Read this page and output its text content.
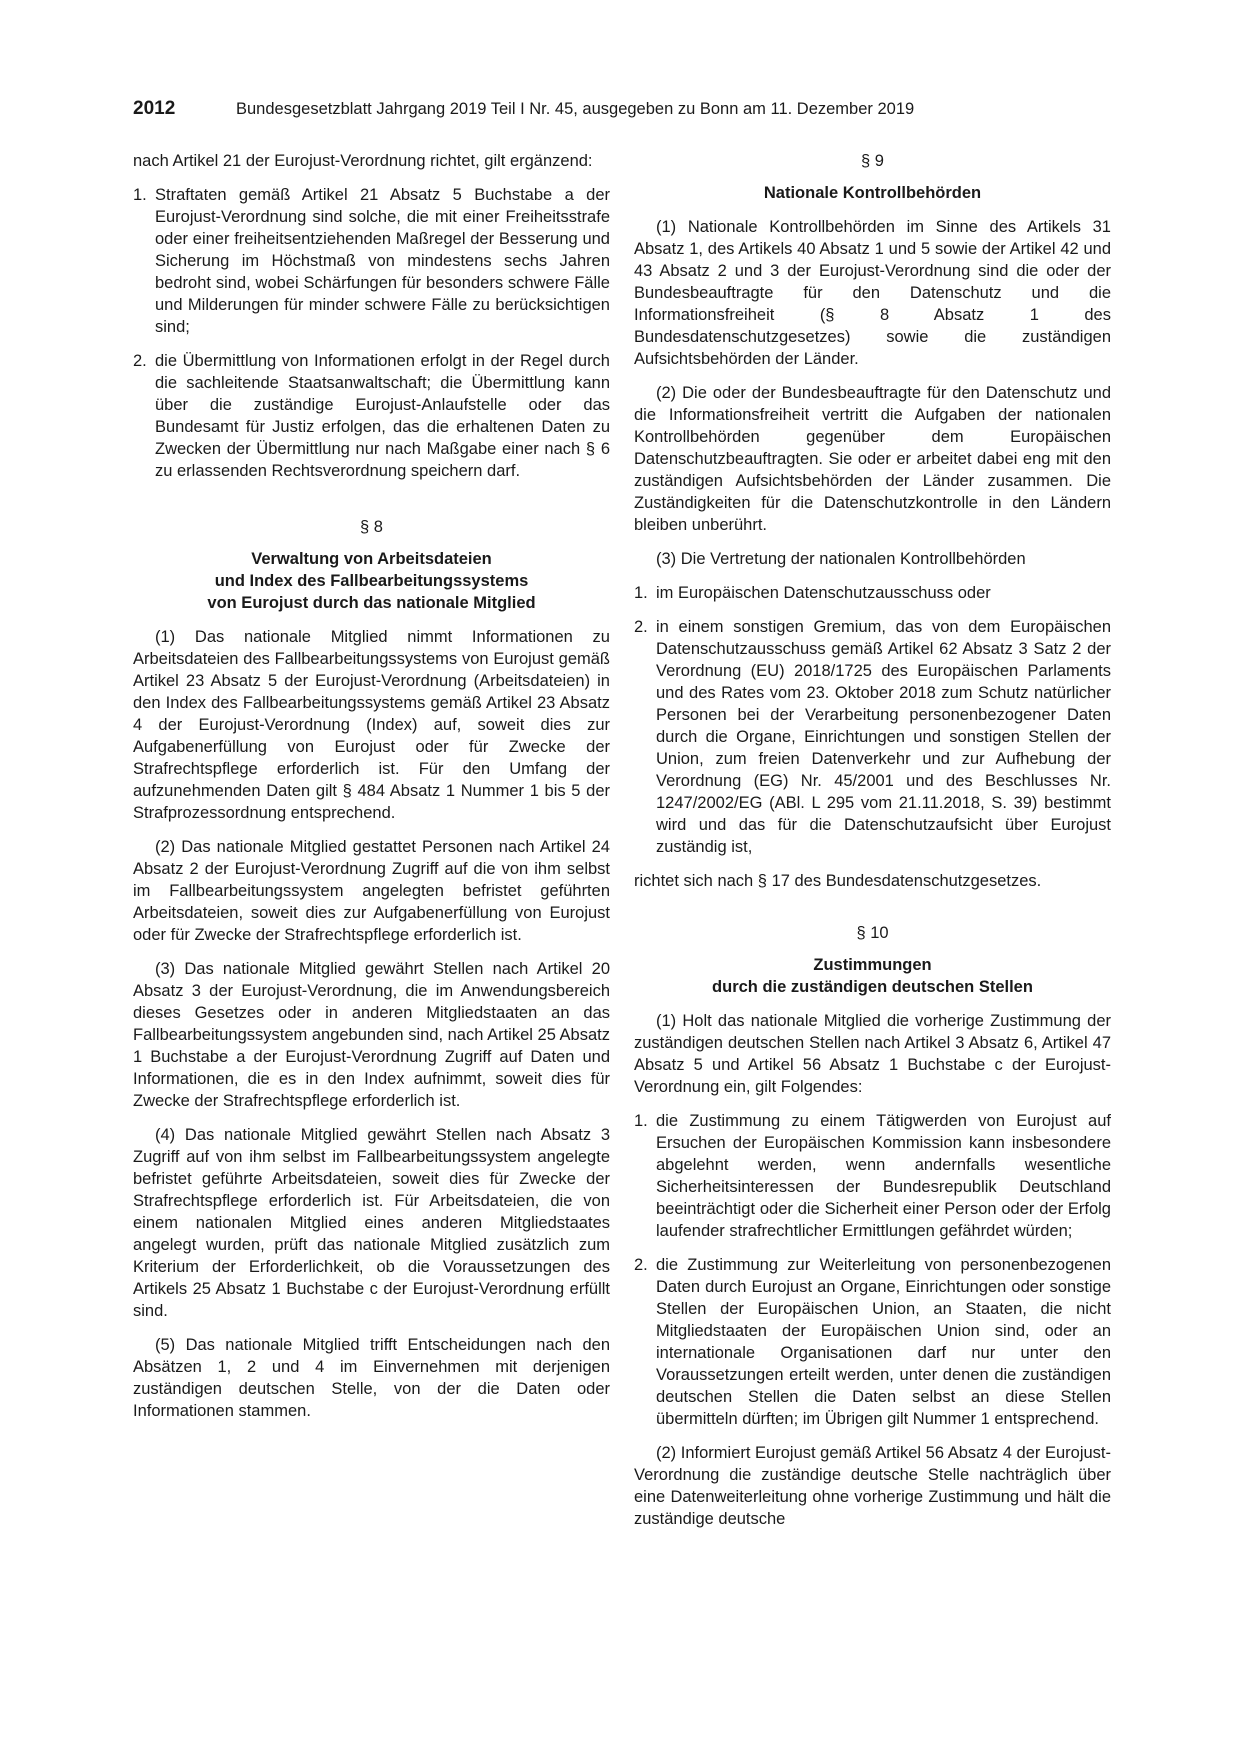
2012	Bundesgesetzblatt Jahrgang 2019 Teil I Nr. 45, ausgegeben zu Bonn am 11. Dezember 2019

nach Artikel 21 der Eurojust-Verordnung richtet, gilt ergänzend:

1. Straftaten gemäß Artikel 21 Absatz 5 Buchstabe a der Eurojust-Verordnung sind solche, die mit einer Freiheitsstrafe oder einer freiheitsentziehenden Maßregel der Besserung und Sicherung im Höchstmaß von mindestens sechs Jahren bedroht sind, wobei Schärfungen für besonders schwere Fälle und Milderungen für minder schwere Fälle zu berücksichtigen sind;
2. die Übermittlung von Informationen erfolgt in der Regel durch die sachleitende Staatsanwaltschaft; die Übermittlung kann über die zuständige Eurojust-Anlaufstelle oder das Bundesamt für Justiz erfolgen, das die erhaltenen Daten zu Zwecken der Übermittlung nur nach Maßgabe einer nach § 6 zu erlassenden Rechtsverordnung speichern darf.
§ 8
Verwaltung von Arbeitsdateien
und Index des Fallbearbeitungssystems
von Eurojust durch das nationale Mitglied

(1) Das nationale Mitglied nimmt Informationen zu Arbeitsdateien des Fallbearbeitungssystems von Eurojust gemäß Artikel 23 Absatz 5 der Eurojust-Verordnung (Arbeitsdateien) in den Index des Fallbearbeitungssystems gemäß Artikel 23 Absatz 4 der Eurojust-Verordnung (Index) auf, soweit dies zur Aufgabenerfüllung von Eurojust oder für Zwecke der Strafrechtspflege erforderlich ist. Für den Umfang der aufzunehmenden Daten gilt § 484 Absatz 1 Nummer 1 bis 5 der Strafprozessordnung entsprechend.

(2) Das nationale Mitglied gestattet Personen nach Artikel 24 Absatz 2 der Eurojust-Verordnung Zugriff auf die von ihm selbst im Fallbearbeitungssystem angelegten befristet geführten Arbeitsdateien, soweit dies zur Aufgabenerfüllung von Eurojust oder für Zwecke der Strafrechtspflege erforderlich ist.

(3) Das nationale Mitglied gewährt Stellen nach Artikel 20 Absatz 3 der Eurojust-Verordnung, die im Anwendungsbereich dieses Gesetzes oder in anderen Mitgliedstaaten an das Fallbearbeitungssystem angebunden sind, nach Artikel 25 Absatz 1 Buchstabe a der Eurojust-Verordnung Zugriff auf Daten und Informationen, die es in den Index aufnimmt, soweit dies für Zwecke der Strafrechtspflege erforderlich ist.

(4) Das nationale Mitglied gewährt Stellen nach Absatz 3 Zugriff auf von ihm selbst im Fallbearbeitungssystem angelegte befristet geführte Arbeitsdateien, soweit dies für Zwecke der Strafrechtspflege erforderlich ist. Für Arbeitsdateien, die von einem nationalen Mitglied eines anderen Mitgliedstaates angelegt wurden, prüft das nationale Mitglied zusätzlich zum Kriterium der Erforderlichkeit, ob die Voraussetzungen des Artikels 25 Absatz 1 Buchstabe c der Eurojust-Verordnung erfüllt sind.

(5) Das nationale Mitglied trifft Entscheidungen nach den Absätzen 1, 2 und 4 im Einvernehmen mit derjenigen zuständigen deutschen Stelle, von der die Daten oder Informationen stammen.

§ 9
Nationale Kontrollbehörden

(1) Nationale Kontrollbehörden im Sinne des Artikels 31 Absatz 1, des Artikels 40 Absatz 1 und 5 sowie der Artikel 42 und 43 Absatz 2 und 3 der Eurojust-Verordnung sind die oder der Bundesbeauftragte für den Datenschutz und die Informationsfreiheit (§ 8 Absatz 1 des Bundesdatenschutzgesetzes) sowie die zuständigen Aufsichtsbehörden der Länder.

(2) Die oder der Bundesbeauftragte für den Datenschutz und die Informationsfreiheit vertritt die Aufgaben der nationalen Kontrollbehörden gegenüber dem Europäischen Datenschutzbeauftragten. Sie oder er arbeitet dabei eng mit den zuständigen Aufsichtsbehörden der Länder zusammen. Die Zuständigkeiten für die Datenschutzkontrolle in den Ländern bleiben unberührt.

(3) Die Vertretung der nationalen Kontrollbehörden

1. im Europäischen Datenschutzausschuss oder
2. in einem sonstigen Gremium, das von dem Europäischen Datenschutzausschuss gemäß Artikel 62 Absatz 3 Satz 2 der Verordnung (EU) 2018/1725 des Europäischen Parlaments und des Rates vom 23. Oktober 2018 zum Schutz natürlicher Personen bei der Verarbeitung personenbezogener Daten durch die Organe, Einrichtungen und sonstigen Stellen der Union, zum freien Datenverkehr und zur Aufhebung der Verordnung (EG) Nr. 45/2001 und des Beschlusses Nr. 1247/2002/EG (ABl. L 295 vom 21.11.2018, S. 39) bestimmt wird und das für die Datenschutzaufsicht über Eurojust zuständig ist,

richtet sich nach § 17 des Bundesdatenschutzgesetzes.

§ 10
Zustimmungen
durch die zuständigen deutschen Stellen

(1) Holt das nationale Mitglied die vorherige Zustimmung der zuständigen deutschen Stellen nach Artikel 3 Absatz 6, Artikel 47 Absatz 5 und Artikel 56 Absatz 1 Buchstabe c der Eurojust-Verordnung ein, gilt Folgendes:

1. die Zustimmung zu einem Tätigwerden von Eurojust auf Ersuchen der Europäischen Kommission kann insbesondere abgelehnt werden, wenn andernfalls wesentliche Sicherheitsinteressen der Bundesrepublik Deutschland beeinträchtigt oder die Sicherheit einer Person oder der Erfolg laufender strafrechtlicher Ermittlungen gefährdet würden;
2. die Zustimmung zur Weiterleitung von personenbezogenen Daten durch Eurojust an Organe, Einrichtungen oder sonstige Stellen der Europäischen Union, an Staaten, die nicht Mitgliedstaaten der Europäischen Union sind, oder an internationale Organisationen darf nur unter den Voraussetzungen erteilt werden, unter denen die zuständigen deutschen Stellen die Daten selbst an diese Stellen übermitteln dürften; im Übrigen gilt Nummer 1 entsprechend.

(2) Informiert Eurojust gemäß Artikel 56 Absatz 4 der Eurojust-Verordnung die zuständige deutsche Stelle nachträglich über eine Datenweiterleitung ohne vorherige Zustimmung und hält die zuständige deutsche
